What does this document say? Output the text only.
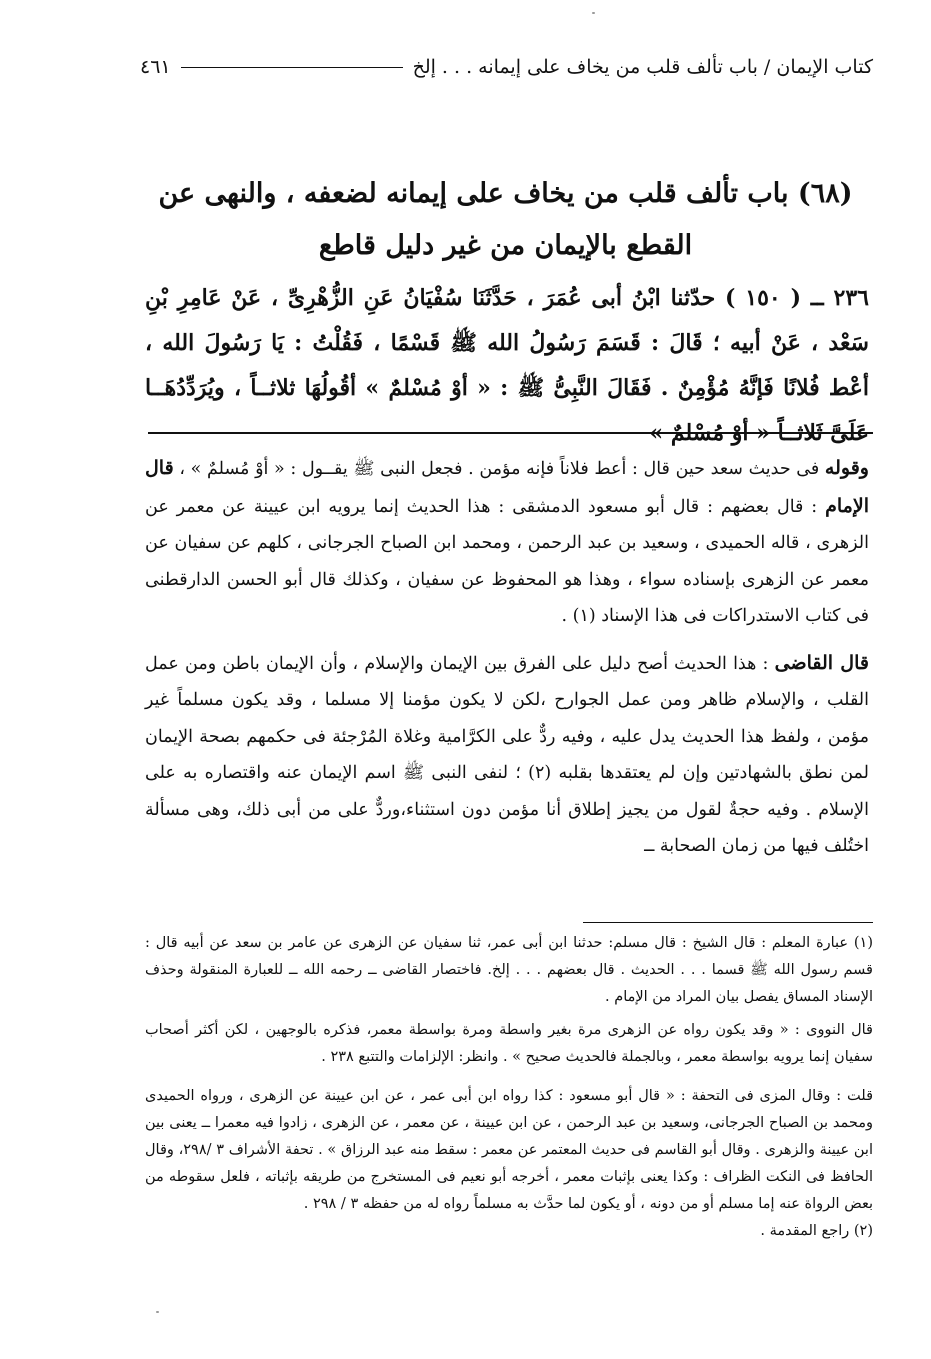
كتاب الإيمان / باب تألف قلب من يخاف على إيمانه . . . إلخ
٤٦١
(٦٨) باب تألف قلب من يخاف على إيمانه لضعفه ، والنهى عن القطع بالإيمان من غير دليل قاطع
٢٣٦ ــ ( ١٥٠ ) حدّثنا ابْنُ أبى عُمَرَ ، حَدَّثَنَا سُفْيَانُ عَنِ الزُّهْرِىِّ ، عَنْ عَامِرِ بْنِ سَعْد ، عَنْ أبيه ؛ قَالَ : قَسَمَ رَسُولُ الله ﷺ قَسْمًا ، فَقُلْتُ : يَا رَسُولَ الله ، أعْط فُلانًا فَإنَّهُ مُؤْمِنٌ . فَقَالَ النَّبِىُّ ﷺ : « أوْ مُسْلمٌ » أقُولُهَا ثلاثــاً ، ويُرَدِّدُهَــا عَلَىَّ ثَلاثــاً « أوْ مُسْلمٌ »

وقوله فى حديث سعد حين قال : أعط فلاناً فإنه مؤمن . فجعل النبى ﷺ يقــول : « أوْ مُسلمٌ » ، قال الإمام : قال بعضهم : قال أبو مسعود الدمشقى : هذا الحديث إنما يرويه ابن عيينة عن معمر عن الزهرى ، قاله الحميدى ، وسعيد بن عبد الرحمن ، ومحمد ابن الصباح الجرجانى ، كلهم عن سفيان عن معمر عن الزهرى بإسناده سواء ، وهذا هو المحفوظ عن سفيان ، وكذلك قال أبو الحسن الدارقطنى فى كتاب الاستدراكات فى هذا الإسناد (١) .

قال القاضى : هذا الحديث أصح دليل على الفرق بين الإيمان والإسلام ، وأن الإيمان باطن ومن عمل القلب ، والإسلام ظاهر ومن عمل الجوارح ،لكن لا يكون مؤمنا إلا مسلما ، وقد يكون مسلماً غير مؤمن ، ولفظ هذا الحديث يدل عليه ، وفيه ردٌّ على الكرَّامية وغلاة المُرْجئة فى حكمهم بصحة الإيمان لمن نطق بالشهادتين وإن لم يعتقدها بقلبه (٢) ؛ لنفى النبى ﷺ اسم الإيمان عنه واقتصاره به على الإسلام . وفيه حجةٌ لقول من يجيز إطلاق أنا مؤمن دون استثناء،وردٌّ على من أبى ذلك، وهى مسألة اختُلف فيها من زمان الصحابة ــ

(١) عبارة المعلم : قال الشيخ : قال مسلم: حدثنا ابن أبى عمر، ثنا سفيان عن الزهرى عن عامر بن سعد عن أبيه قال : قسم رسول الله ﷺ قسما . . . الحديث . قال بعضهم . . . إلخ. فاختصار القاضى ــ رحمه الله ــ للعبارة المنقولة وحذف الإسناد المساق يفصل بيان المراد من الإمام .

قال النووى : « وقد يكون رواه عن الزهرى مرة بغير واسطة ومرة بواسطة معمر، فذكره بالوجهين ، لكن أكثر أصحاب سفيان إنما يرويه بواسطة معمر ، وبالجملة فالحديث صحيح » . وانظر: الإلزامات والتتبع ٢٣٨ .

قلت : وقال المزى فى التحفة : « قال أبو مسعود : كذا رواه ابن أبى عمر ، عن ابن عيينة عن الزهرى ، ورواه الحميدى ومحمد بن الصباح الجرجانى، وسعيد بن عبد الرحمن ، عن ابن عيينة ، عن معمر ، عن الزهرى ، زادوا فيه معمرا ــ يعنى بين ابن عيينة والزهرى . وقال أبو القاسم فى حديث المعتمر عن معمر : سقط منه عبد الرزاق » . تحفة الأشراف ٣ /٢٩٨، وقال الحافظ فى النكت الظراف : وكذا يعنى بإثبات معمر ، أخرجه أبو نعيم فى المستخرج من طريقه بإثباته ، فلعل سقوطه من بعض الرواة عنه إما مسلم أو من دونه ، أو يكون لما حدَّث به مسلماً رواه له من حفظه ٣ / ٢٩٨ .

(٢) راجع المقدمة .
